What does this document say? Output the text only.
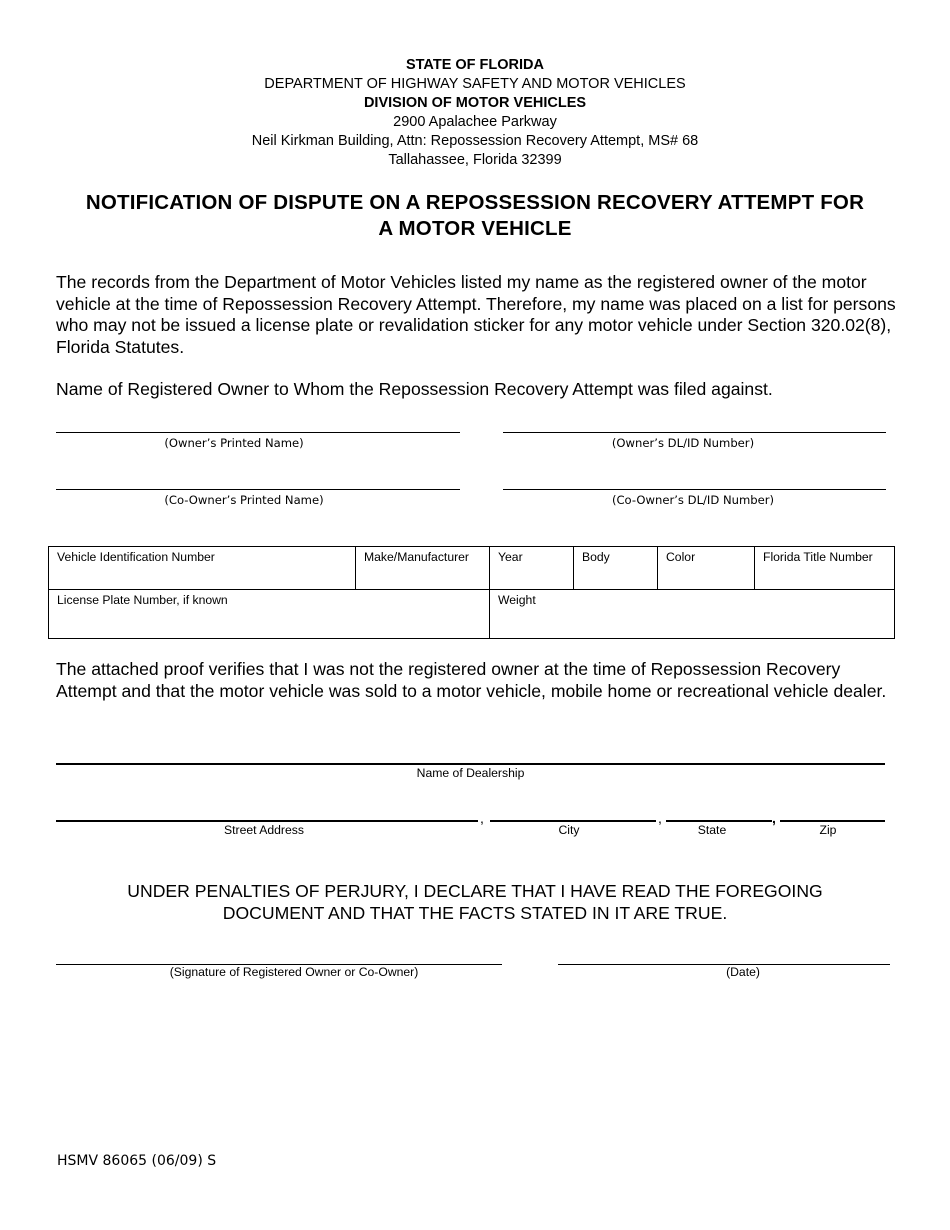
STATE OF FLORIDA
DEPARTMENT OF HIGHWAY SAFETY AND MOTOR VEHICLES
DIVISION OF MOTOR VEHICLES
2900 Apalachee Parkway
Neil Kirkman Building, Attn: Repossession Recovery Attempt, MS# 68
Tallahassee, Florida 32399
NOTIFICATION OF DISPUTE ON A REPOSSESSION RECOVERY ATTEMPT FOR
A MOTOR VEHICLE
The records from the Department of Motor Vehicles listed my name as the registered owner of the motor vehicle at the time of Repossession Recovery Attempt. Therefore, my name was placed on a list for persons who may not be issued a license plate or revalidation sticker for any motor vehicle under Section 320.02(8), Florida Statutes.
Name of Registered Owner to Whom the Repossession Recovery Attempt was filed against.
(Owner’s Printed Name)	(Owner’s DL/ID Number)
(Co-Owner’s Printed Name)	(Co-Owner’s DL/ID Number)
Vehicle Identification Number	Make/Manufacturer	Year	Body	Color	Florida Title Number
License Plate Number, if known		Weight			
The attached proof verifies that I was not the registered owner at the time of Repossession Recovery Attempt and that the motor vehicle was sold to a motor vehicle, mobile home or recreational vehicle dealer.
Name of Dealership
,	,	,
Street Address	City	State	Zip
UNDER PENALTIES OF PERJURY, I DECLARE THAT I HAVE READ THE FOREGOING
DOCUMENT AND THAT THE FACTS STATED IN IT ARE TRUE.
(Signature of Registered Owner or Co-Owner)	(Date)
HSMV 86065 (06/09) S
